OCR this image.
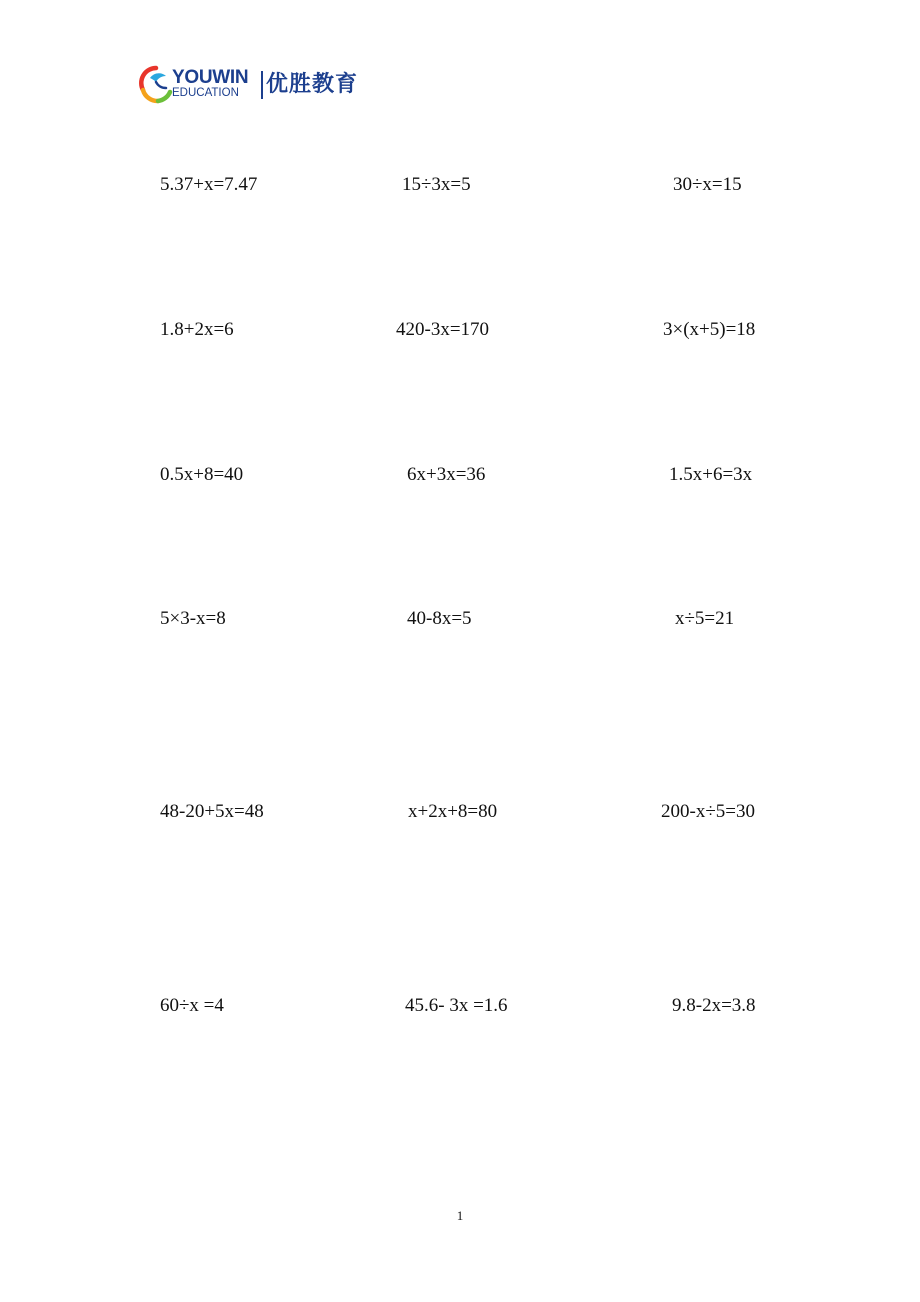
YOUWIN
EDUCATION 优胜教育
5.37+x=7.47	15÷3x=5	30÷x=15
1.8+2x=6	420-3x=170	3×(x+5)=18
0.5x+8=40	6x+3x=36	1.5x+6=3x
5×3-x=8	40-8x=5	x÷5=21
48-20+5x=48	x+2x+8=80	200-x÷5=30
60÷x =4	45.6- 3x =1.6	9.8-2x=3.8
1
